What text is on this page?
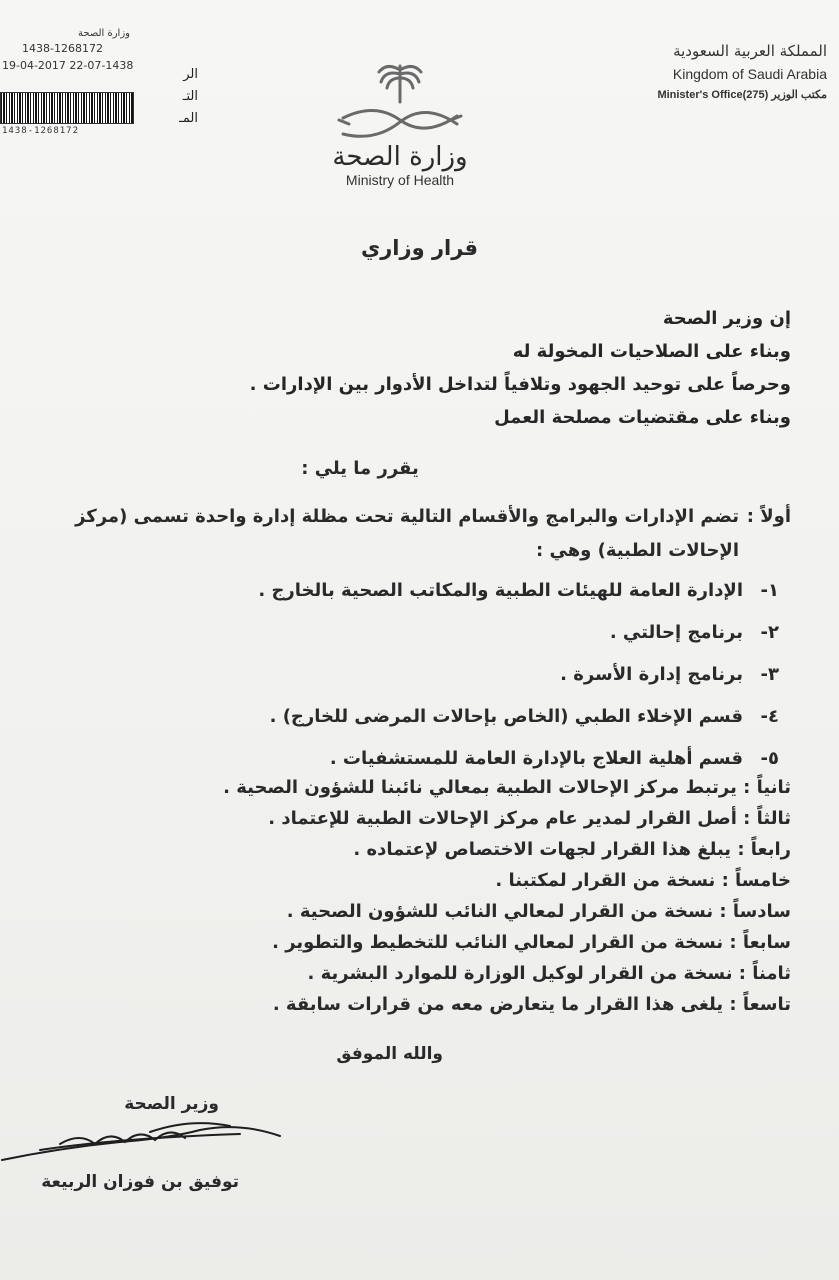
وزارة الصحة
1438-1268172
19-04-2017 22-07-1438
1438-1268172
الر
التـ
المـ
المملكة العربية السعودية
Kingdom of Saudi Arabia
Minister's Office(275) مكتب الوزير
وزارة الصحة
Ministry of Health
قرار وزاري
إن وزير الصحة
وبناء على الصلاحيات المخولة له
وحرصاً على توحيد الجهود وتلافياً لتداخل الأدوار بين الإدارات .
وبناء على مقتضيات مصلحة العمل
يقرر ما يلي :
أولاً :
تضم الإدارات والبرامج والأقسام التالية تحت مظلة إدارة واحدة تسمى (مركز الإحالات الطبية) وهي :
١-الإدارة العامة للهيئات الطبية والمكاتب الصحية بالخارج .
٢-برنامج إحالتي .
٣-برنامج إدارة الأسرة .
٤-قسم الإخلاء الطبي (الخاص بإحالات المرضى للخارج) .
٥-قسم أهلية العلاج بالإدارة العامة للمستشفيات .
ثانياً : يرتبط مركز الإحالات الطبية بمعالي نائبنا للشؤون الصحية .
ثالثاً : أصل القرار لمدير عام مركز الإحالات الطبية للإعتماد .
رابعاً : يبلغ هذا القرار لجهات الاختصاص لإعتماده .
خامساً : نسخة من القرار لمكتبنا .
سادساً : نسخة من القرار لمعالي النائب للشؤون الصحية .
سابعاً : نسخة من القرار لمعالي النائب للتخطيط والتطوير .
ثامناً : نسخة من القرار لوكيل الوزارة للموارد البشرية .
تاسعاً : يلغى هذا القرار ما يتعارض معه من قرارات سابقة .
والله الموفق
وزير الصحة
توفيق بن فوزان الربيعة
